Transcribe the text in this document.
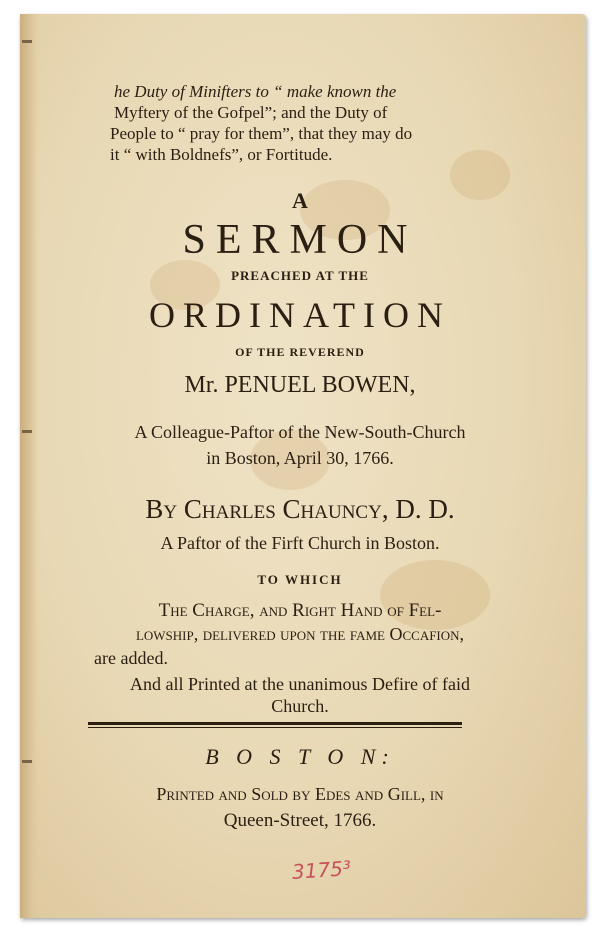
he Duty of Minifters to “ make known the
Myftery of the Gofpel”; and the Duty of
People to “ pray for them”, that they may do
it “ with Boldnefs”, or Fortitude.
A
SERMON
PREACHED AT THE
ORDINATION
OF THE REVEREND
Mr. PENUEL BOWEN,
A Colleague-Paftor of the New-South-Church
in Boston, April 30, 1766.
By Charles Chauncy, D. D.
A Paftor of the Firft Church in Boston.
TO WHICH
The Charge, and Right Hand of Fel-
lowship, delivered upon the fame Occafion,
are added.
And all Printed at the unanimous Defire of faid
Church.
B O S T O N:
Printed and Sold by Edes and Gill, in
Queen-Street, 1766.
3175³
